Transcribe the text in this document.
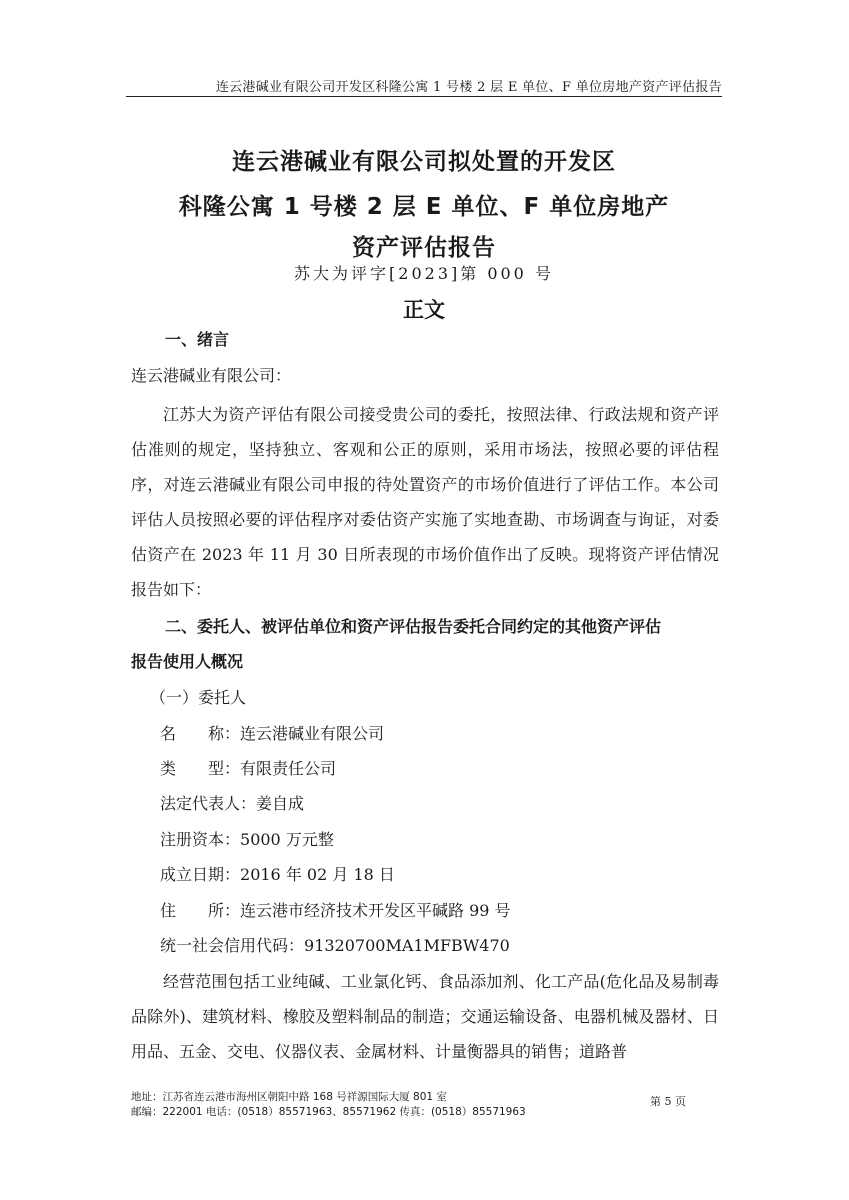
连云港碱业有限公司开发区科隆公寓 1 号楼 2 层 E 单位、F 单位房地产资产评估报告
连云港碱业有限公司拟处置的开发区
科隆公寓 1 号楼 2 层 E 单位、F 单位房地产
资产评估报告
苏大为评字[2023]第 000 号
正文
一、绪言
连云港碱业有限公司：
江苏大为资产评估有限公司接受贵公司的委托，按照法律、行政法规和资产评估准则的规定，坚持独立、客观和公正的原则，采用市场法，按照必要的评估程序，对连云港碱业有限公司申报的待处置资产的市场价值进行了评估工作。本公司评估人员按照必要的评估程序对委估资产实施了实地查勘、市场调查与询证，对委估资产在 2023 年 11 月 30 日所表现的市场价值作出了反映。现将资产评估情况报告如下：
二、委托人、被评估单位和资产评估报告委托合同约定的其他资产评估
报告使用人概况
（一）委托人
名　　称：连云港碱业有限公司
类　　型：有限责任公司
法定代表人：姜自成
注册资本：5000 万元整
成立日期：2016 年 02 月 18 日
住　　所：连云港市经济技术开发区平碱路 99 号
统一社会信用代码：91320700MA1MFBW470
经营范围包括工业纯碱、工业氯化钙、食品添加剂、化工产品(危化品及易制毒品除外)、建筑材料、橡胶及塑料制品的制造；交通运输设备、电器机械及器材、日用品、五金、交电、仪器仪表、金属材料、计量衡器具的销售；道路普
地址：江苏省连云港市海州区朝阳中路 168 号祥源国际大厦 801 室
邮编：222001 电话：(0518）85571963、85571962 传真：(0518）85571963
第 5 页
